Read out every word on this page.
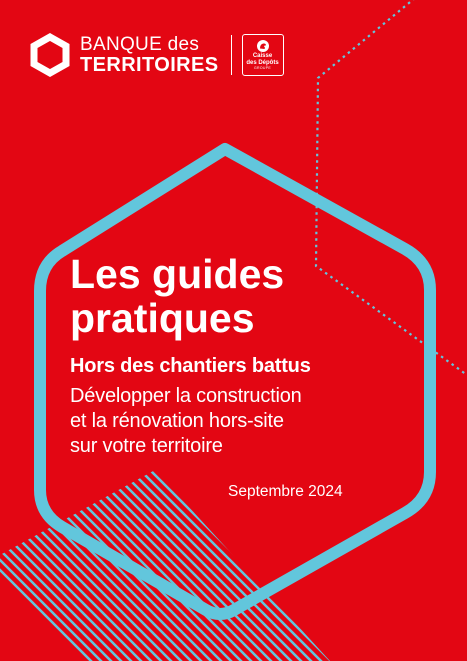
BANQUE des
TERRITOIRES	Caisse
des Dépôts
GROUPE
Les guides
pratiques
Hors des chantiers battus

Développer la construction
et la rénovation hors-site
sur votre territoire

Septembre 2024
